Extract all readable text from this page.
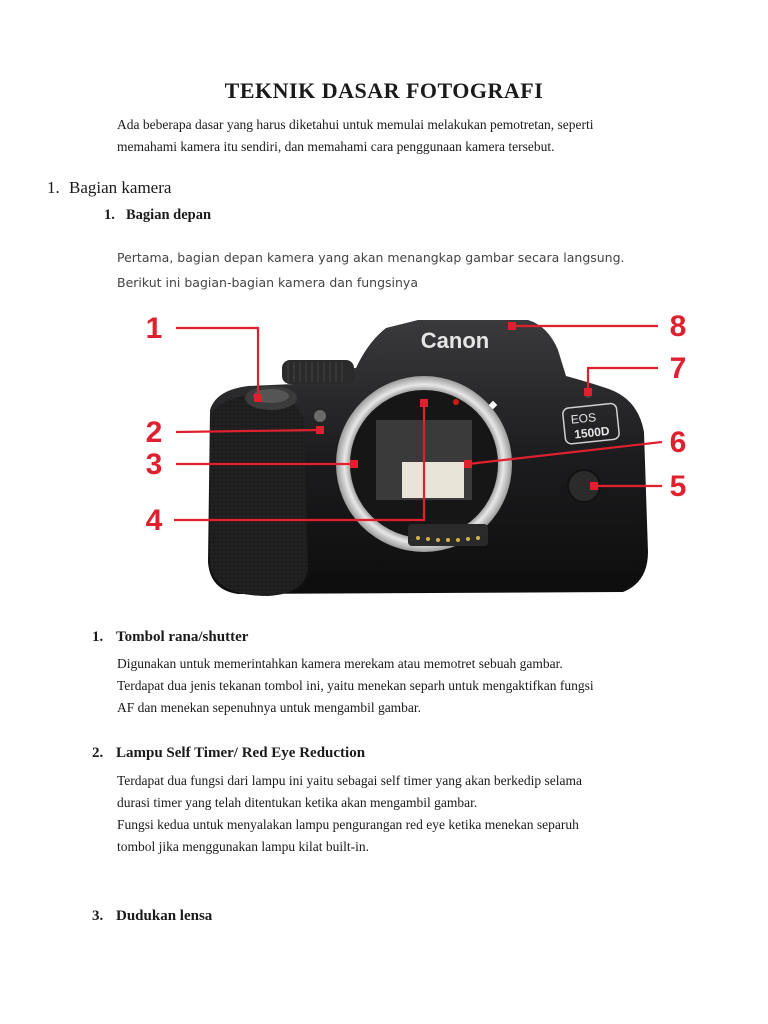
TEKNIK DASAR FOTOGRAFI
Ada beberapa dasar yang harus diketahui untuk memulai melakukan pemotretan, seperti
memahami kamera itu sendiri, dan memahami cara penggunaan kamera tersebut.
1. Bagian kamera
1. Bagian depan
Pertama, bagian depan kamera yang akan menangkap gambar secara langsung.
Berikut ini bagian-bagian kamera dan fungsinya
Canon
EOS
1500D
1
2
3
4
5
6
7
8
1. Tombol rana/shutter
Digunakan untuk memerintahkan kamera merekam atau memotret sebuah gambar.
Terdapat dua jenis tekanan tombol ini, yaitu menekan separh untuk mengaktifkan fungsi
AF dan menekan sepenuhnya untuk mengambil gambar.
2. Lampu Self Timer/ Red Eye Reduction
Terdapat dua fungsi dari lampu ini yaitu sebagai self timer yang akan berkedip selama
durasi timer yang telah ditentukan ketika akan mengambil gambar.
Fungsi kedua untuk menyalakan lampu pengurangan red eye ketika menekan separuh
tombol jika menggunakan lampu kilat built-in.
3. Dudukan lensa
